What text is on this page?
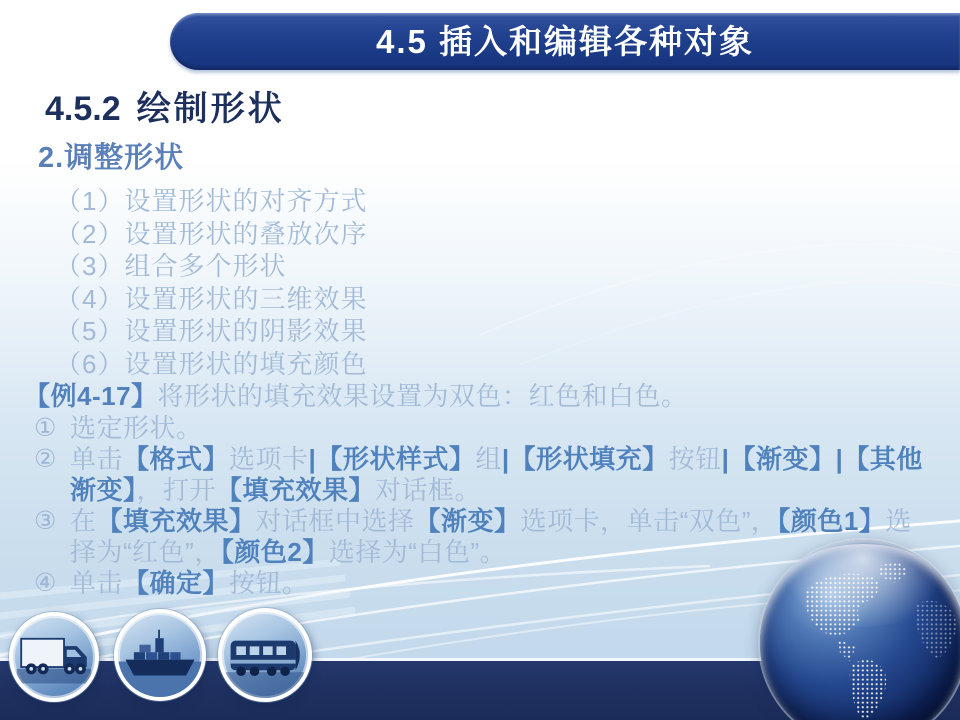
4.5 插入和编辑各种对象
4.5.2 绘制形状
2.调整形状
（1）设置形状的对齐方式
（2）设置形状的叠放次序
（3）组合多个形状
（4）设置形状的三维效果
（5）设置形状的阴影效果
（6）设置形状的填充颜色
【例4-17】将形状的填充效果设置为双色：红色和白色。
① 选定形状。
② 单击【格式】选项卡|【形状样式】组|【形状填充】按钮|【渐变】|【其他渐变】，打开【填充效果】对话框。
③ 在【填充效果】对话框中选择【渐变】选项卡，单击“双色”，【颜色1】选择为“红色”，【颜色2】选择为“白色”。
④ 单击【确定】按钮。
